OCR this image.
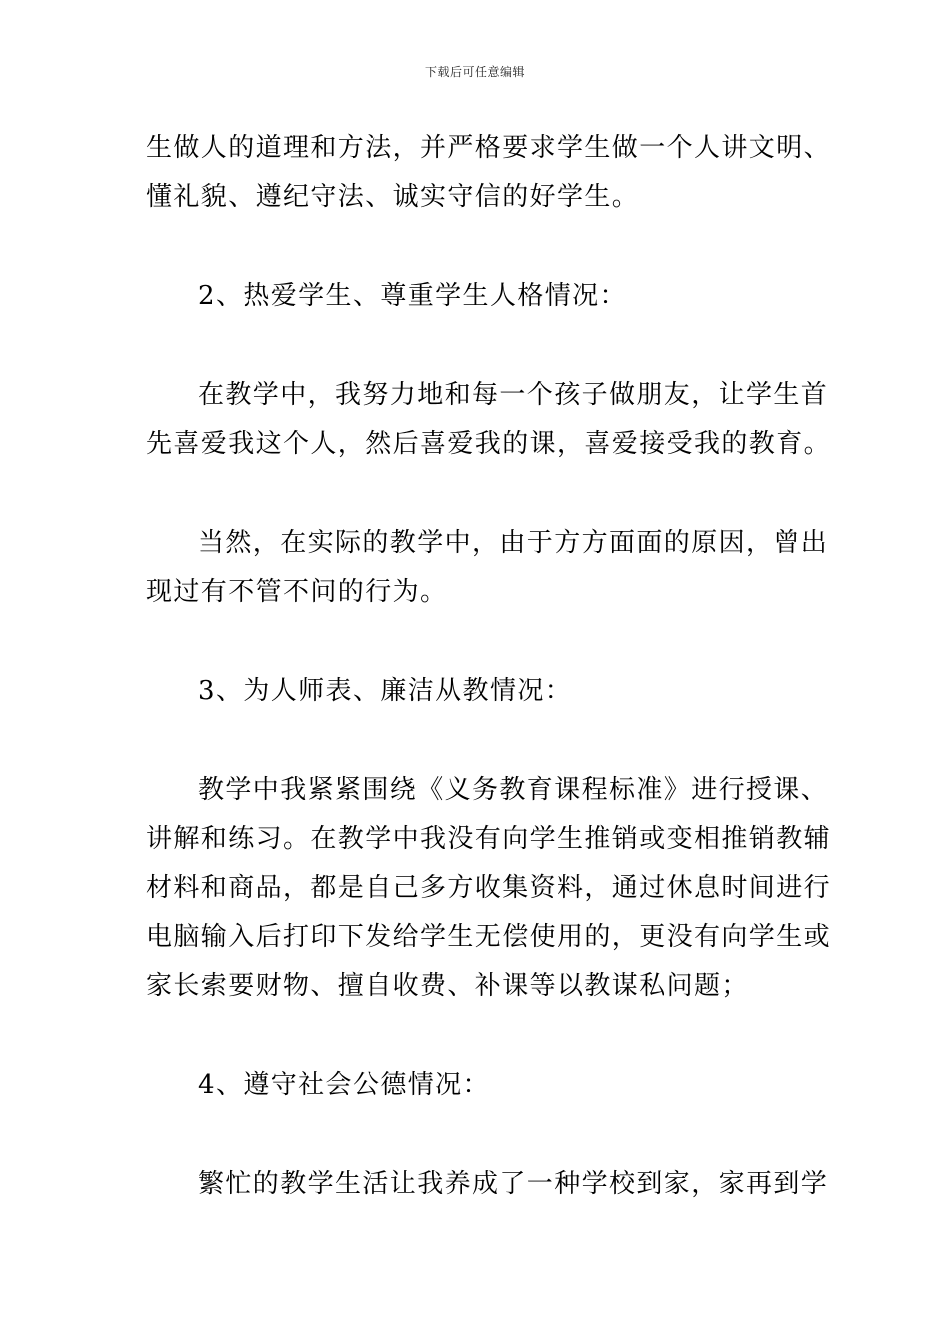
下载后可任意编辑
生做人的道理和方法，并严格要求学生做一个人讲文明、
懂礼貌、遵纪守法、诚实守信的好学生。
2、热爱学生、尊重学生人格情况：
在教学中，我努力地和每一个孩子做朋友，让学生首
先喜爱我这个人，然后喜爱我的课，喜爱接受我的教育。
当然，在实际的教学中，由于方方面面的原因，曾出
现过有不管不问的行为。
3、为人师表、廉洁从教情况：
教学中我紧紧围绕《义务教育课程标准》进行授课、
讲解和练习。在教学中我没有向学生推销或变相推销教辅
材料和商品，都是自己多方收集资料，通过休息时间进行
电脑输入后打印下发给学生无偿使用的，更没有向学生或
家长索要财物、擅自收费、补课等以教谋私问题；
4、遵守社会公德情况：
繁忙的教学生活让我养成了一种学校到家，家再到学
